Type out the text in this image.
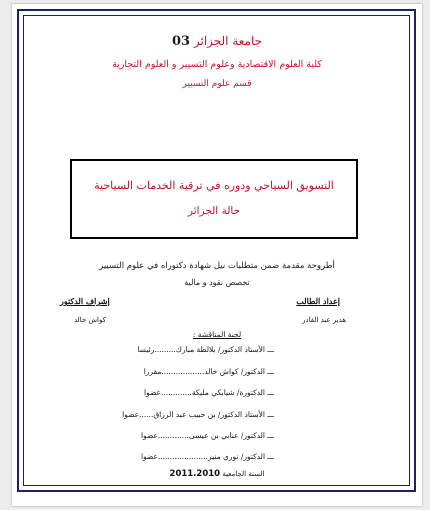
جامعة الجزائر 03
كلية العلوم الاقتصادية وعلوم التسيير و العلوم التجارية
قسم علوم التسيير
التسويق السياحي ودوره في ترقية الخدمات السياحية
حالة الجزائر
أطروحة مقدمة ضمن متطلبات نيل شهادة دكتوراه في علوم التسيير
تخصص نقود و مالية
إعداد الطالب
هدير عبد القادر
إشراف الدكتور
كواش خالد
لجنة المناقشة :
ـــ الأستاذ الدكتور/ بلالطة مبارك.........رئيسا
ـــ الدكتور/ كواش خالد..................مقررا
ـــ الدكتورة/ شيابكي مليكة.............عضوا
ـــ الأستاذ الدكتور/ بن حبيب عبد الرزاق......عضوا
ـــ الدكتور/ عنابي بن عيسى.............عضوا
ـــ الدكتور/ نوري منير.....................عضوا
السنة الجامعية 2011.2010
